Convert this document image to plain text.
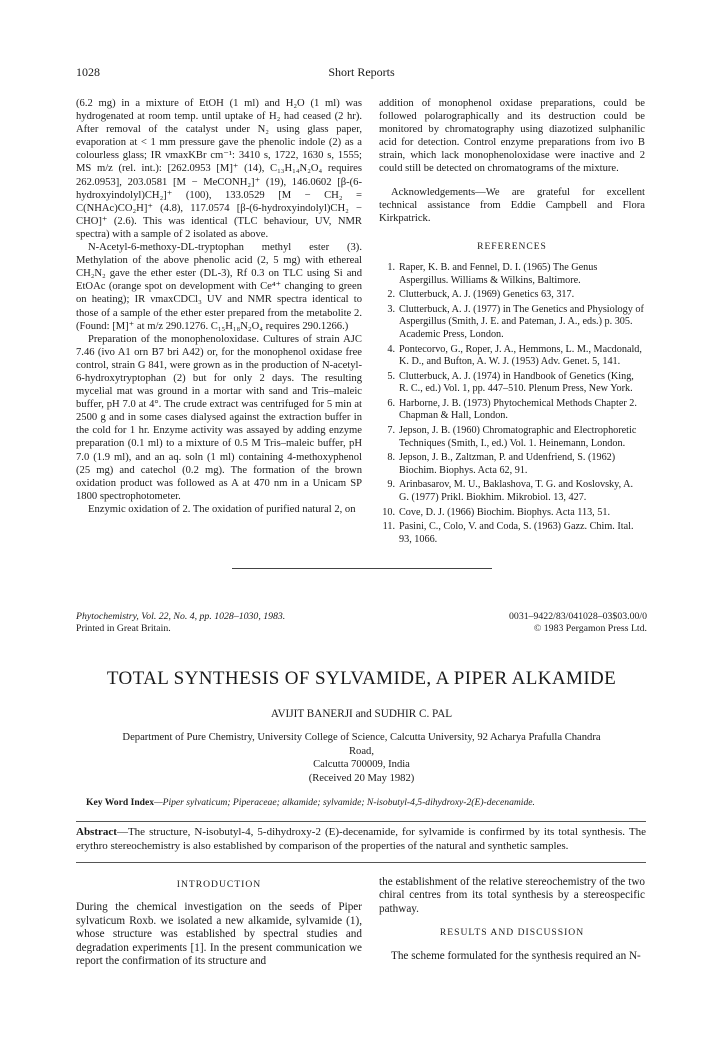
1028	Short Reports

(6.2 mg) in a mixture of EtOH (1 ml) and H₂O (1 ml) was hydrogenated at room temp. until uptake of H₂ had ceased (2 hr). After removal of the catalyst under N₂ using glass paper, evaporation at < 1 mm pressure gave the phenolic indole (2) as a colourless glass; IR νmaxKBr cm⁻¹: 3410 s, 1722, 1630 s, 1555; MS m/z (rel. int.): [262.0953 [M]⁺ (14), C₁₃H₁₄N₂O₄ requires 262.0953], 203.0581 [M − MeCONH₂]⁺ (19), 146.0602 [β-(6-hydroxyindolyl)CH₂]⁺ (100), 133.0529 [M − CH₂ = C(NHAc)CO₂H]⁺ (4.8), 117.0574 [β-(6-hydroxyindolyl)CH₂ − CHO]⁺ (2.6). This was identical (TLC behaviour, UV, NMR spectra) with a sample of 2 isolated as above.

N-Acetyl-6-methoxy-DL-tryptophan methyl ester (3). Methylation of the above phenolic acid (2, 5 mg) with ethereal CH₂N₂ gave the ether ester (DL-3), Rf 0.3 on TLC using Si and EtOAc (orange spot on development with Ce⁴⁺ changing to green on heating); IR νmaxCDCl₃ UV and NMR spectra identical to those of a sample of the ether ester prepared from the metabolite 2. (Found: [M]⁺ at m/z 290.1276. C₁₅H₁₈N₂O₄ requires 290.1266.)

Preparation of the monophenoloxidase. Cultures of strain AJC 7.46 (ivo A1 orn B7 bri A42) or, for the monophenol oxidase free control, strain G 841, were grown as in the production of N-acetyl-6-hydroxytryptophan (2) but for only 2 days. The resulting mycelial mat was ground in a mortar with sand and Tris–maleic buffer, pH 7.0 at 4°. The crude extract was centrifuged for 5 min at 2500 g and in some cases dialysed against the extraction buffer in the cold for 1 hr. Enzyme activity was assayed by adding enzyme preparation (0.1 ml) to a mixture of 0.5 M Tris–maleic buffer, pH 7.0 (1.9 ml), and an aq. soln (1 ml) containing 4-methoxyphenol (25 mg) and catechol (0.2 mg). The formation of the brown oxidation product was followed as A at 470 nm in a Unicam SP 1800 spectrophotometer.

Enzymic oxidation of 2. The oxidation of purified natural 2, on

addition of monophenol oxidase preparations, could be followed polarographically and its destruction could be monitored by chromatography using diazotized sulphanilic acid for detection. Control enzyme preparations from ivo B strain, which lack monophenoloxidase were inactive and 2 could still be detected on chromatograms of the mixture.

Acknowledgements—We are grateful for excellent technical assistance from Eddie Campbell and Flora Kirkpatrick.

REFERENCES
1. Raper, K. B. and Fennel, D. I. (1965) The Genus Aspergillus. Williams & Wilkins, Baltimore.
2. Clutterbuck, A. J. (1969) Genetics 63, 317.
3. Clutterbuck, A. J. (1977) in The Genetics and Physiology of Aspergillus (Smith, J. E. and Pateman, J. A., eds.) p. 305. Academic Press, London.
4. Pontecorvo, G., Roper, J. A., Hemmons, L. M., Macdonald, K. D., and Bufton, A. W. J. (1953) Adv. Genet. 5, 141.
5. Clutterbuck, A. J. (1974) in Handbook of Genetics (King, R. C., ed.) Vol. 1, pp. 447–510. Plenum Press, New York.
6. Harborne, J. B. (1973) Phytochemical Methods Chapter 2. Chapman & Hall, London.
7. Jepson, J. B. (1960) Chromatographic and Electrophoretic Techniques (Smith, I., ed.) Vol. 1. Heinemann, London.
8. Jepson, J. B., Zaltzman, P. and Udenfriend, S. (1962) Biochim. Biophys. Acta 62, 91.
9. Arinbasarov, M. U., Baklashova, T. G. and Koslovsky, A. G. (1977) Prikl. Biokhim. Mikrobiol. 13, 427.
10. Cove, D. J. (1966) Biochim. Biophys. Acta 113, 51.
11. Pasini, C., Colo, V. and Coda, S. (1963) Gazz. Chim. Ital. 93, 1066.
Phytochemistry, Vol. 22, No. 4, pp. 1028–1030, 1983.
Printed in Great Britain.
0031–9422/83/041028–03$03.00/0
© 1983 Pergamon Press Ltd.
TOTAL SYNTHESIS OF SYLVAMIDE, A PIPER ALKAMIDE
AVIJIT BANERJI and SUDHIR C. PAL
Department of Pure Chemistry, University College of Science, Calcutta University, 92 Acharya Prafulla Chandra Road,
Calcutta 700009, India
(Received 20 May 1982)
Key Word Index—Piper sylvaticum; Piperaceae; alkamide; sylvamide; N-isobutyl-4,5-dihydroxy-2(E)-decenamide.
Abstract—The structure, N-isobutyl-4, 5-dihydroxy-2 (E)-decenamide, for sylvamide is confirmed by its total synthesis. The erythro stereochemistry is also established by comparison of the properties of the natural and synthetic samples.
INTRODUCTION

During the chemical investigation on the seeds of Piper sylvaticum Roxb. we isolated a new alkamide, sylvamide (1), whose structure was established by spectral studies and degradation experiments [1]. In the present communication we report the confirmation of its structure and

the establishment of the relative stereochemistry of the two chiral centres from its total synthesis by a stereospecific pathway.

RESULTS AND DISCUSSION

The scheme formulated for the synthesis required an N-
